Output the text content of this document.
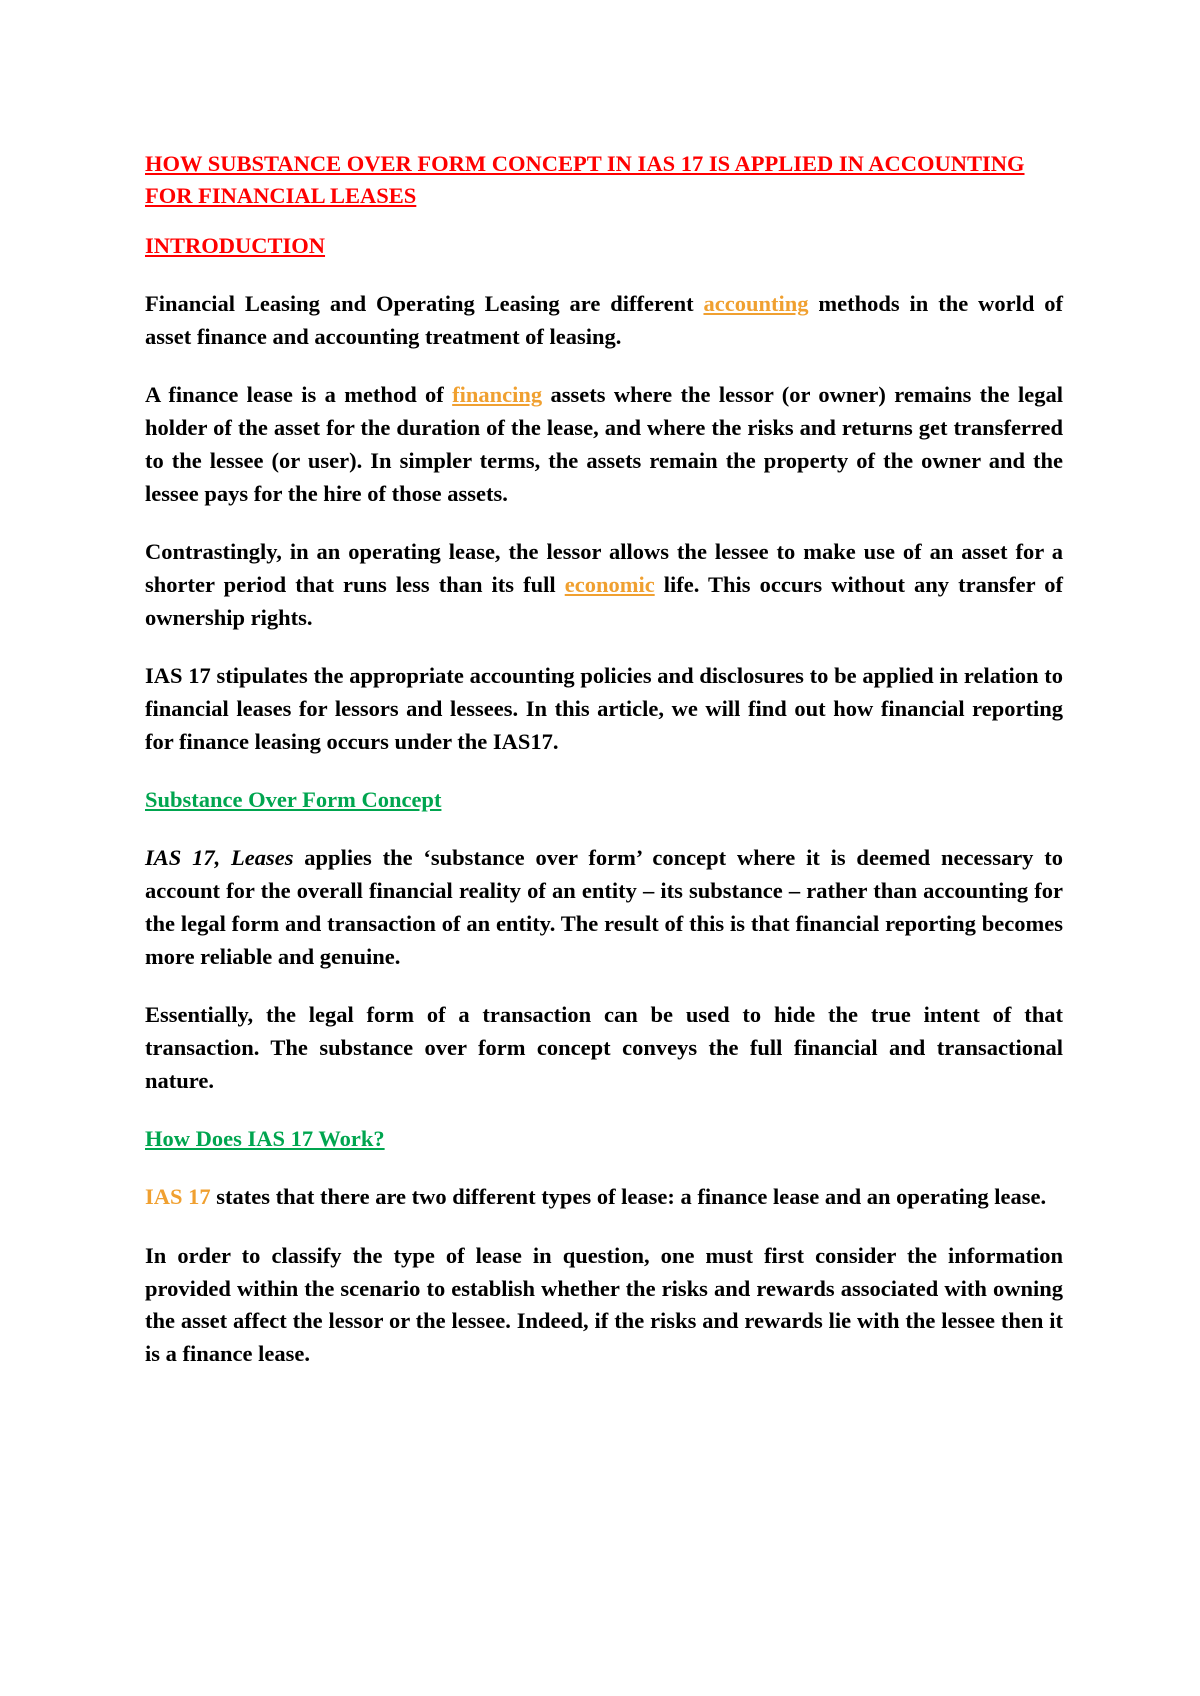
HOW SUBSTANCE OVER FORM CONCEPT IN IAS 17 IS APPLIED IN ACCOUNTING FOR FINANCIAL LEASES
INTRODUCTION

Financial Leasing and Operating Leasing are different accounting methods in the world of asset finance and accounting treatment of leasing.

A finance lease is a method of financing assets where the lessor (or owner) remains the legal holder of the asset for the duration of the lease, and where the risks and returns get transferred to the lessee (or user). In simpler terms, the assets remain the property of the owner and the lessee pays for the hire of those assets.

Contrastingly, in an operating lease, the lessor allows the lessee to make use of an asset for a shorter period that runs less than its full economic life. This occurs without any transfer of ownership rights.

IAS 17 stipulates the appropriate accounting policies and disclosures to be applied in relation to financial leases for lessors and lessees. In this article, we will find out how financial reporting for finance leasing occurs under the IAS17.

Substance Over Form Concept

IAS 17, Leases applies the ‘substance over form’ concept where it is deemed necessary to account for the overall financial reality of an entity – its substance – rather than accounting for the legal form and transaction of an entity. The result of this is that financial reporting becomes more reliable and genuine.

Essentially, the legal form of a transaction can be used to hide the true intent of that transaction. The substance over form concept conveys the full financial and transactional nature.

How Does IAS 17 Work?

IAS 17 states that there are two different types of lease: a finance lease and an operating lease.

In order to classify the type of lease in question, one must first consider the information provided within the scenario to establish whether the risks and rewards associated with owning the asset affect the lessor or the lessee. Indeed, if the risks and rewards lie with the lessee then it is a finance lease.
